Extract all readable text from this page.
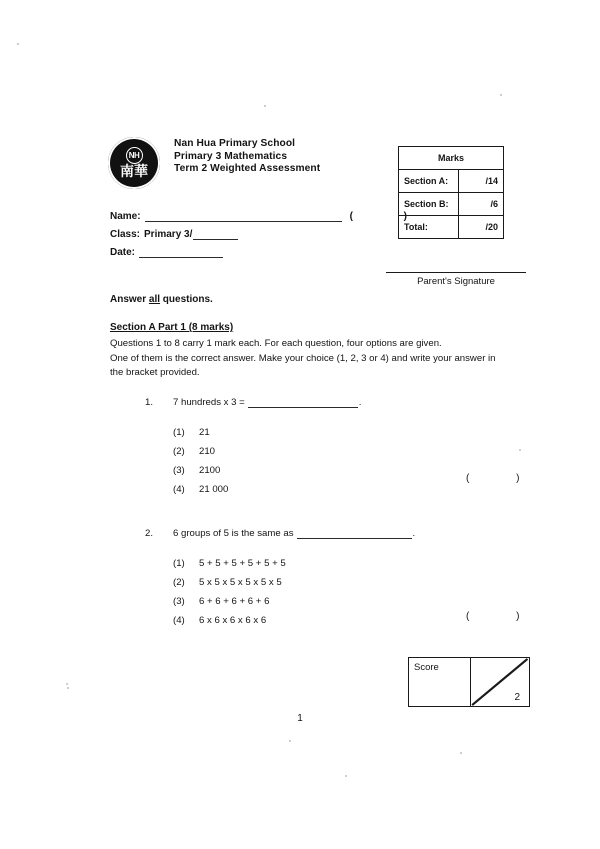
NH
南華
Nan Hua Primary School
Primary 3 Mathematics
Term 2 Weighted Assessment
Name:	( )
Class: Primary 3/
Date:
Marks	
Section A:	/14
Section B:	/6
Total:	/20
Parent's Signature
Answer all questions.
Section A Part 1 (8 marks)
Questions 1 to 8 carry 1 mark each. For each question, four options are given.
One of them is the correct answer. Make your choice (1, 2, 3 or 4) and write your answer in
the bracket provided.
1.	7 hundreds x 3 =	.
(1)	21
(2)	210
(3)	2100
(4)	21 000
( )
2.	6 groups of 5 is the same as	.
(1)	5 + 5 + 5 + 5 + 5 + 5
(2)	5 x 5 x 5 x 5 x 5 x 5
(3)	6 + 6 + 6 + 6 + 6
(4)	6 x 6 x 6 x 6 x 6	( )
Score
2
1
